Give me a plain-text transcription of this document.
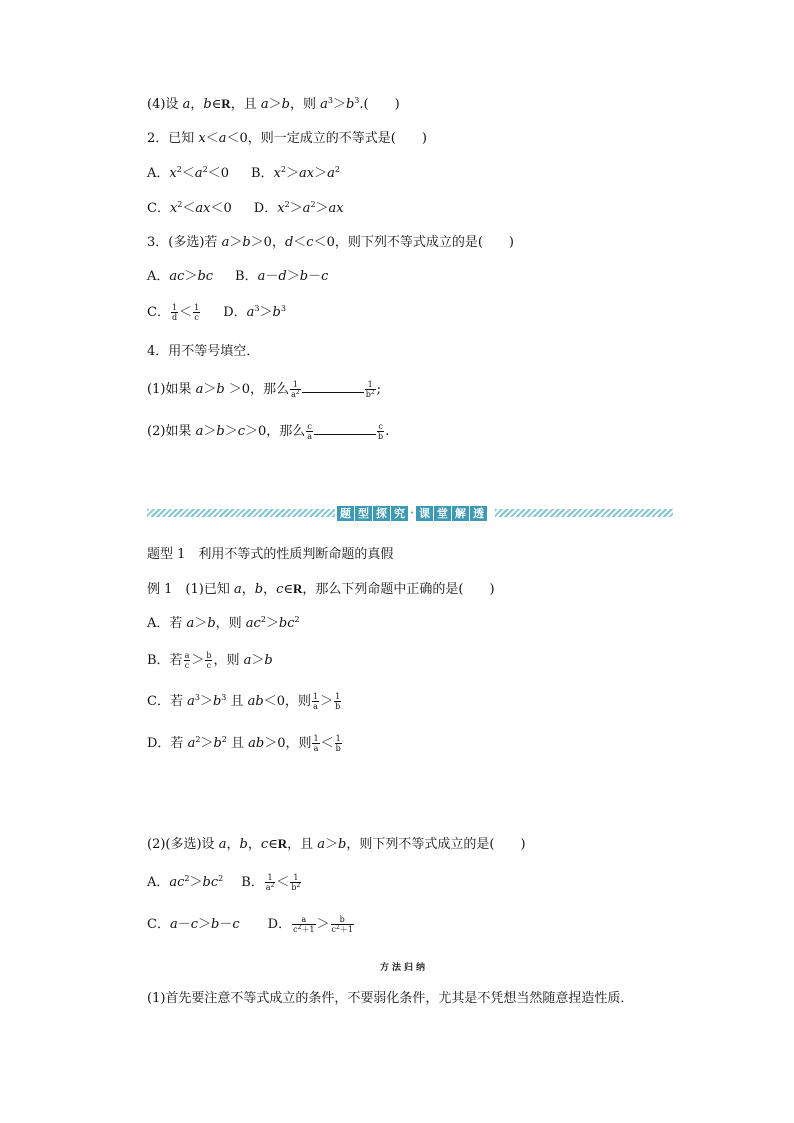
(4)设 a，b∈R，且 a＞b，则 $a^3>b^3$.( )
2．已知 x＜a＜0，则一定成立的不等式是( )
A．$x^2<a^2<0$ B．$x^2>ax>a^2$
C．$x^2<ax<0$ D．$x^2>a^2>ax$
3．(多选)若 a＞b＞0，d＜c＜0，则下列不等式成立的是( )
A．ac＞bc B．a－d＞b－c
C． $\frac{1}{d} < \frac{1}{c}$ D．$a^3>b^3$
4．用不等号填空．
(1)如果 a＞b ＞0，那么 $\frac{1}{a^2}$	$\frac{1}{b^2}$ ;
(2)如果 a＞b＞c＞0，那么 $\frac{c}{a}$	$\frac{c}{b}$ .
题 型 探 究 · 课 堂 解 透
题型 1　利用不等式的性质判断命题的真假
例 1　(1)已知 a，b，c∈R，那么下列命题中正确的是( )
A．若 a＞b，则 $ac^2>bc^2$
B．若 $\frac{a}{c} > \frac{b}{c}$ ，则 a＞b
C．若 $a^3>b^3$ 且 ab＜0，则 $\frac{1}{a} > \frac{1}{b}$
D．若 $a^2>b^2$ 且 ab＞0，则 $\frac{1}{a} < \frac{1}{b}$
(2)(多选)设 a，b，c∈R，且 a＞b，则下列不等式成立的是( )
A．$ac^2>bc^2$ B． $\frac{1}{a^2} < \frac{1}{b^2}$
C．a－c＞b－c D． $\frac{a}{c^2+1} > \frac{b}{c^2+1}$
方法归纳
(1)首先要注意不等式成立的条件，不要弱化条件，尤其是不凭想当然随意捏造性质．
